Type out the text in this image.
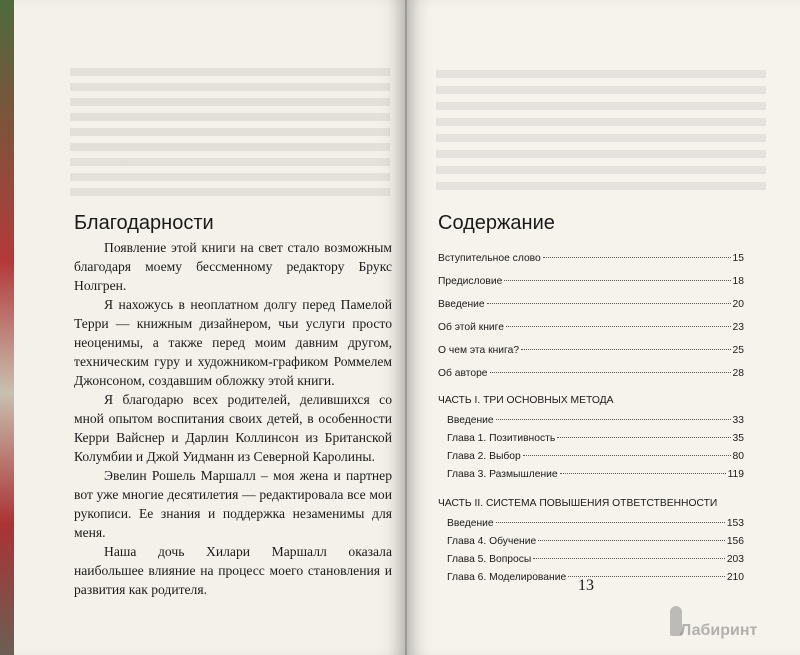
Благодарности

Появление этой книги на свет стало возможным благодаря моему бессменному редактору Брукс Нолгрен.

Я нахожусь в неоплатном долгу перед Памелой Терри — книжным дизайнером, чьи услуги просто неоценимы, а также перед моим давним другом, техническим гуру и художником-графиком Роммелем Джонсоном, создавшим обложку этой книги.

Я благодарю всех родителей, делившихся со мной опытом воспитания своих детей, в особенности Керри Вайснер и Дарлин Коллинсон из Британской Колумбии и Джой Уидманн из Северной Каролины.

Эвелин Рошель Маршалл – моя жена и партнер вот уже многие десятилетия — редактировала все мои рукописи. Ее знания и поддержка незаменимы для меня.

Наша дочь Хилари Маршалл оказала наибольшее влияние на процесс моего становления и развития как родителя.

Содержание
Вступительное слово	15
Предисловие	18
Введение	20
Об этой книге	23
О чем эта книга?	25
Об авторе	28
ЧАСТЬ I. ТРИ ОСНОВНЫХ МЕТОДА
Введение	33
Глава 1. Позитивность	35
Глава 2. Выбор	80
Глава 3. Размышление	119
ЧАСТЬ II. СИСТЕМА ПОВЫШЕНИЯ ОТВЕТСТВЕННОСТИ
Введение	153
Глава 4. Обучение	156
Глава 5. Вопросы	203
Глава 6. Моделирование	210
13
Лабиринт
